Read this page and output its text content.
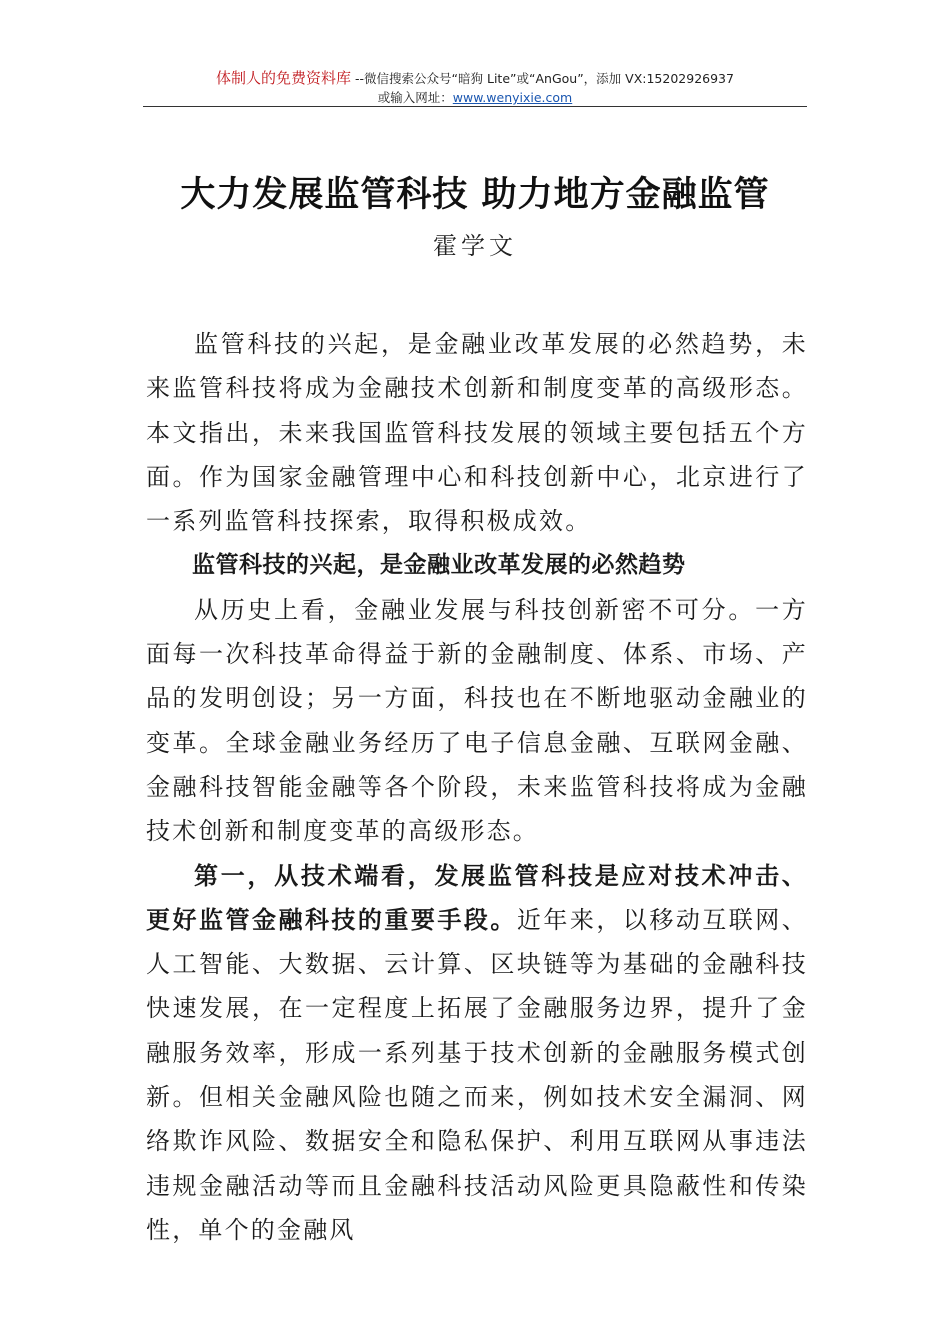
体制人的免费资料库 --微信搜索公众号“暗狗 Lite”或“AnGou”，添加 VX:15202926937
或输入网址：www.wenyixie.com
大力发展监管科技 助力地方金融监管
霍学文

监管科技的兴起，是金融业改革发展的必然趋势，未来监管科技将成为金融技术创新和制度变革的高级形态。本文指出，未来我国监管科技发展的领域主要包括五个方面。作为国家金融管理中心和科技创新中心，北京进行了一系列监管科技探索，取得积极成效。

监管科技的兴起，是金融业改革发展的必然趋势

从历史上看，金融业发展与科技创新密不可分。一方面每一次科技革命得益于新的金融制度、体系、市场、产品的发明创设；另一方面，科技也在不断地驱动金融业的变革。全球金融业务经历了电子信息金融、互联网金融、金融科技智能金融等各个阶段，未来监管科技将成为金融技术创新和制度变革的高级形态。

第一，从技术端看，发展监管科技是应对技术冲击、更好监管金融科技的重要手段。近年来，以移动互联网、人工智能、大数据、云计算、区块链等为基础的金融科技快速发展，在一定程度上拓展了金融服务边界，提升了金融服务效率，形成一系列基于技术创新的金融服务模式创新。但相关金融风险也随之而来，例如技术安全漏洞、网络欺诈风险、数据安全和隐私保护、利用互联网从事违法违规金融活动等而且金融科技活动风险更具隐蔽性和传染性，单个的金融风
